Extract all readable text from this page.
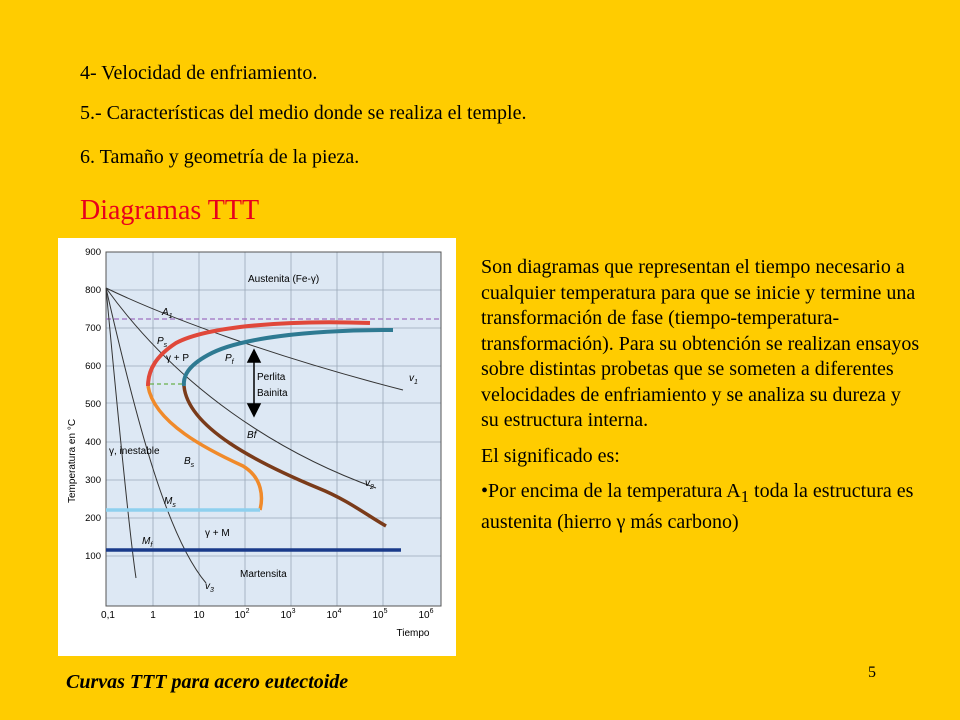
4- Velocidad de enfriamiento.
5.- Características del medio donde se realiza el temple.
6. Tamaño y geometría de la pieza.
Diagramas TTT
900
800
700
600
500
400
300
200
100
Temperatura en °C
0,1	1	10	$10^2$	$10^3$	$10^4$	$10^5$	$10^6$
Tiempo
Austenita (Fe-γ)
$A_1$
$P_s$
γ + P	$P_f$
Perlita
Bainita
Bf
$v_1$
$v_2$
$v_3$
γ, inestable
$B_s$
$M_s$
$M_f$
γ + M
Martensita

Son diagramas que representan el tiempo necesario a cualquier temperatura para que se inicie y termine una transformación de fase (tiempo-temperatura-transformación). Para su obtención se realizan ensayos sobre distintas probetas que se someten a diferentes velocidades de enfriamiento y se analiza su dureza y su estructura interna.

El significado es:

•Por encima de la temperatura $A_1$ toda la estructura es austenita (hierro γ más carbono)

Curvas TTT para acero eutectoide	5
